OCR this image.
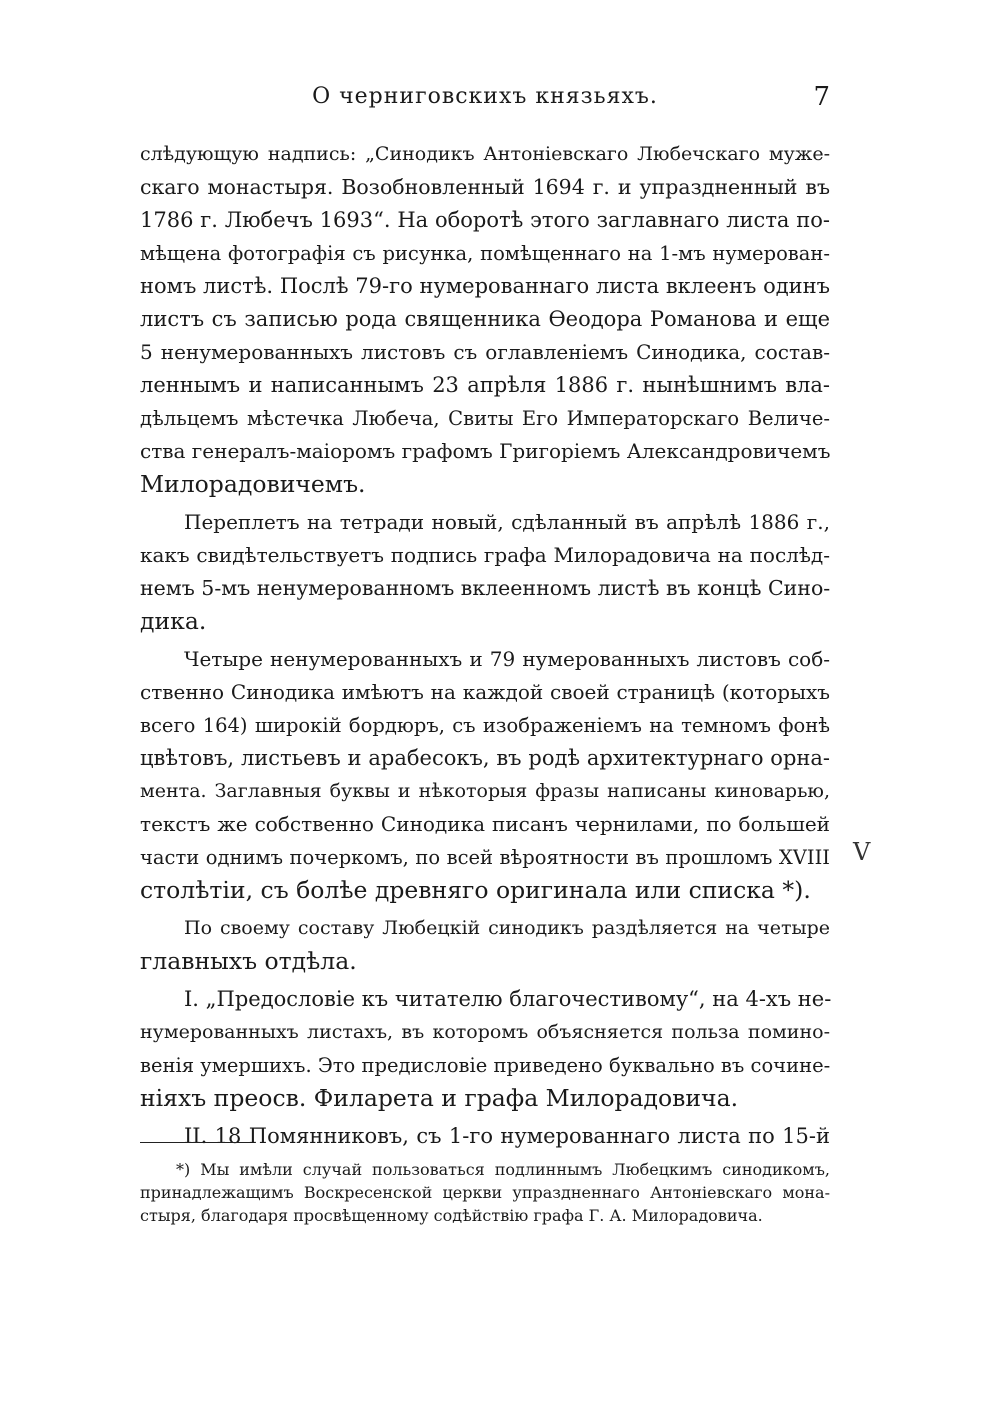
О черниговскихъ князьяхъ.	7
слѣдующую надпись: „Синодикъ Антоніевскаго Любечскаго муже-
скаго монастыря. Возобновленный 1694 г. и упраздненный въ
1786 г. Любечъ 1693“. На оборотѣ этого заглавнаго листа по-
мѣщена фотографія съ рисунка, помѣщеннаго на 1-мъ нумерован-
номъ листѣ. Послѣ 79-го нумерованнаго листа вклеенъ одинъ
листъ съ записью рода священника Ѳеодора Романова и еще
5 ненумерованныхъ листовъ съ оглавленіемъ Синодика, состав-
леннымъ и написаннымъ 23 апрѣля 1886 г. нынѣшнимъ вла-
дѣльцемъ мѣстечка Любеча, Свиты Его Императорскаго Величе-
ства генералъ-маіоромъ графомъ Григоріемъ Александровичемъ
Милорадовичемъ.
Переплетъ на тетради новый, сдѣланный въ апрѣлѣ 1886 г.,
какъ свидѣтельствуетъ подпись графа Милорадовича на послѣд-
немъ 5-мъ ненумерованномъ вклеенномъ листѣ въ концѣ Сино-
дика.
Четыре ненумерованныхъ и 79 нумерованныхъ листовъ соб-
ственно Синодика имѣютъ на каждой своей страницѣ (которыхъ
всего 164) широкій бордюръ, съ изображеніемъ на темномъ фонѣ
цвѣтовъ, листьевъ и арабесокъ, въ родѣ архитектурнаго орна-
мента. Заглавныя буквы и нѣкоторыя фразы написаны киноварью,
текстъ же собственно Синодика писанъ чернилами, по большей
части однимъ почеркомъ, по всей вѣроятности въ прошломъ XVIII
столѣтіи, съ болѣе древняго оригинала или списка *).
По своему составу Любецкій синодикъ раздѣляется на четыре
главныхъ отдѣла.
I. „Предословіе къ читателю благочестивому“, на 4-хъ не-
нумерованныхъ листахъ, въ которомъ объясняется польза помино-
венія умершихъ. Это предисловіе приведено буквально въ сочине-
ніяхъ преосв. Филарета и графа Милорадовича.
II. 18 Помянниковъ, съ 1-го нумерованнаго листа по 15-й
V
*) Мы имѣли случай пользоваться подлиннымъ Любецкимъ синодикомъ,
принадлежащимъ Воскресенской церкви упраздненнаго Антоніевскаго мона-
стыря, благодаря просвѣщенному содѣйствію графа Г. А. Милорадовича.
